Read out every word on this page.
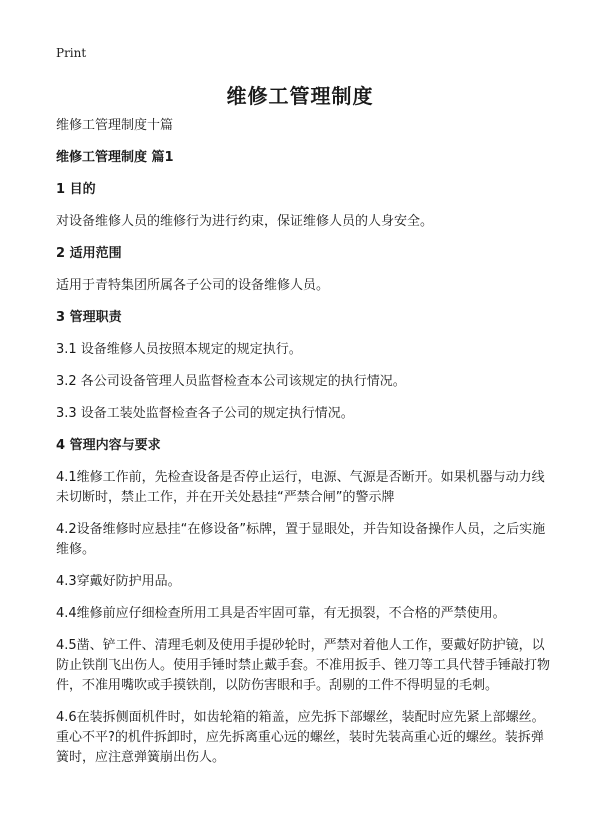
Print
维修工管理制度

维修工管理制度十篇

维修工管理制度 篇1

1 目的

对设备维修人员的维修行为进行约束，保证维修人员的人身安全。

2 适用范围

适用于青特集团所属各子公司的设备维修人员。

3 管理职责

3.1 设备维修人员按照本规定的规定执行。

3.2 各公司设备管理人员监督检查本公司该规定的执行情况。

3.3 设备工装处监督检查各子公司的规定执行情况。

4 管理内容与要求

4.1维修工作前，先检查设备是否停止运行，电源、气源是否断开。如果机器与动力线未切断时，禁止工作，并在开关处悬挂“严禁合闸”的警示牌

4.2设备维修时应悬挂“在修设备”标牌，置于显眼处，并告知设备操作人员，之后实施维修。

4.3穿戴好防护用品。

4.4维修前应仔细检查所用工具是否牢固可靠，有无损裂，不合格的严禁使用。

4.5凿、铲工件、清理毛刺及使用手提砂轮时，严禁对着他人工作，要戴好防护镜，以防止铁削飞出伤人。使用手锤时禁止戴手套。不准用扳手、锉刀等工具代替手锤敲打物件，不准用嘴吹或手摸铁削，以防伤害眼和手。刮剔的工件不得明显的毛刺。

4.6在装拆侧面机件时，如齿轮箱的箱盖，应先拆下部螺丝，装配时应先紧上部螺丝。重心不平?的机件拆卸时，应先拆离重心远的螺丝，装时先装高重心近的螺丝。装拆弹簧时，应注意弹簧崩出伤人。
